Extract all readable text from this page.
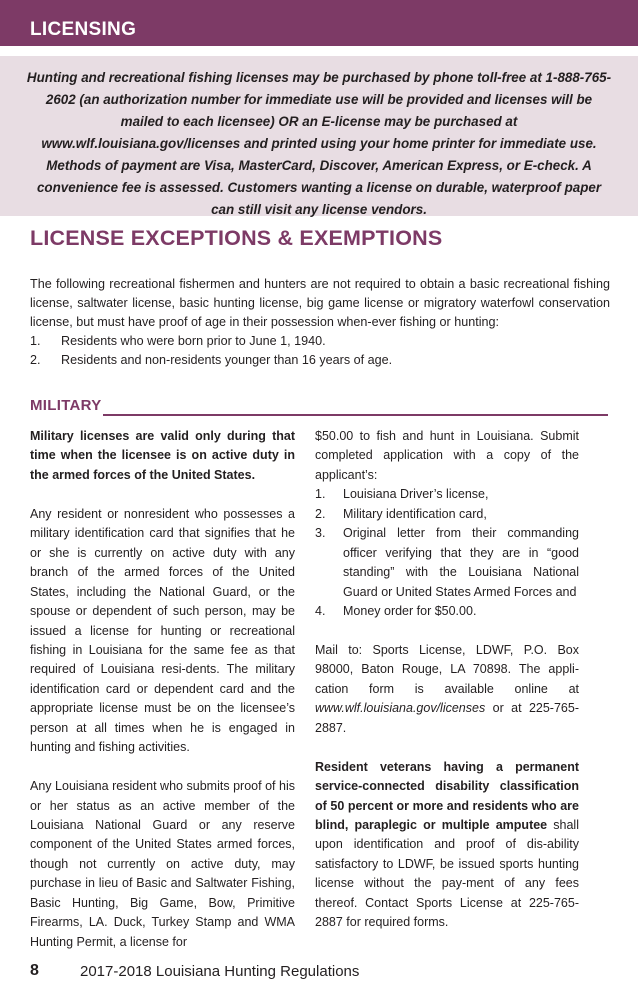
LICENSING

Hunting and recreational fishing licenses may be purchased by phone toll-free at 1-888-765-2602 (an authorization number for immediate use will be provided and licenses will be mailed to each licensee) OR an E-license may be purchased at www.wlf.louisiana.gov/licenses and printed using your home printer for immediate use. Methods of payment are Visa, MasterCard, Discover, American Express, or E-check. A convenience fee is assessed. Customers wanting a license on durable, waterproof paper can still visit any license vendors.

LICENSE EXCEPTIONS & EXEMPTIONS

The following recreational fishermen and hunters are not required to obtain a basic recreational fishing license, saltwater license, basic hunting license, big game license or migratory waterfowl conservation license, but must have proof of age in their possession when-ever fishing or hunting:

1.	Residents who were born prior to June 1, 1940.
2.	Residents and non-residents younger than 16 years of age.
MILITARY

Military licenses are valid only during that time when the licensee is on active duty in the armed forces of the United States.

Any resident or nonresident who possesses a military identification card that signifies that he or she is currently on active duty with any branch of the armed forces of the United States, including the National Guard, or the spouse or dependent of such person, may be issued a license for hunting or recreational fishing in Louisiana for the same fee as that required of Louisiana resi-dents. The military identification card or dependent card and the appropriate license must be on the licensee’s person at all times when he is engaged in hunting and fishing activities.

Any Louisiana resident who submits proof of his or her status as an active member of the Louisiana National Guard or any reserve component of the United States armed forces, though not currently on active duty, may purchase in lieu of Basic and Saltwater Fishing, Basic Hunting, Big Game, Bow, Primitive Firearms, LA. Duck, Turkey Stamp and WMA Hunting Permit, a license for

$50.00 to fish and hunt in Louisiana. Submit completed application with a copy of the applicant’s:

1.	Louisiana Driver’s license,
2.	Military identification card,
3.	Original letter from their commanding officer verifying that they are in “good standing” with the Louisiana National Guard or United States Armed Forces and
4.	Money order for $50.00.

Mail to: Sports License, LDWF, P.O. Box 98000, Baton Rouge, LA 70898. The appli-cation form is available online at www.wlf.louisiana.gov/licenses or at 225-765-2887.

Resident veterans having a permanent service-connected disability classification of 50 percent or more and residents who are blind, paraplegic or multiple amputee shall upon identification and proof of dis-ability satisfactory to LDWF, be issued sports hunting license without the pay-ment of any fees thereof. Contact Sports License at 225-765-2887 for required forms.

8	2017-2018 Louisiana Hunting Regulations
